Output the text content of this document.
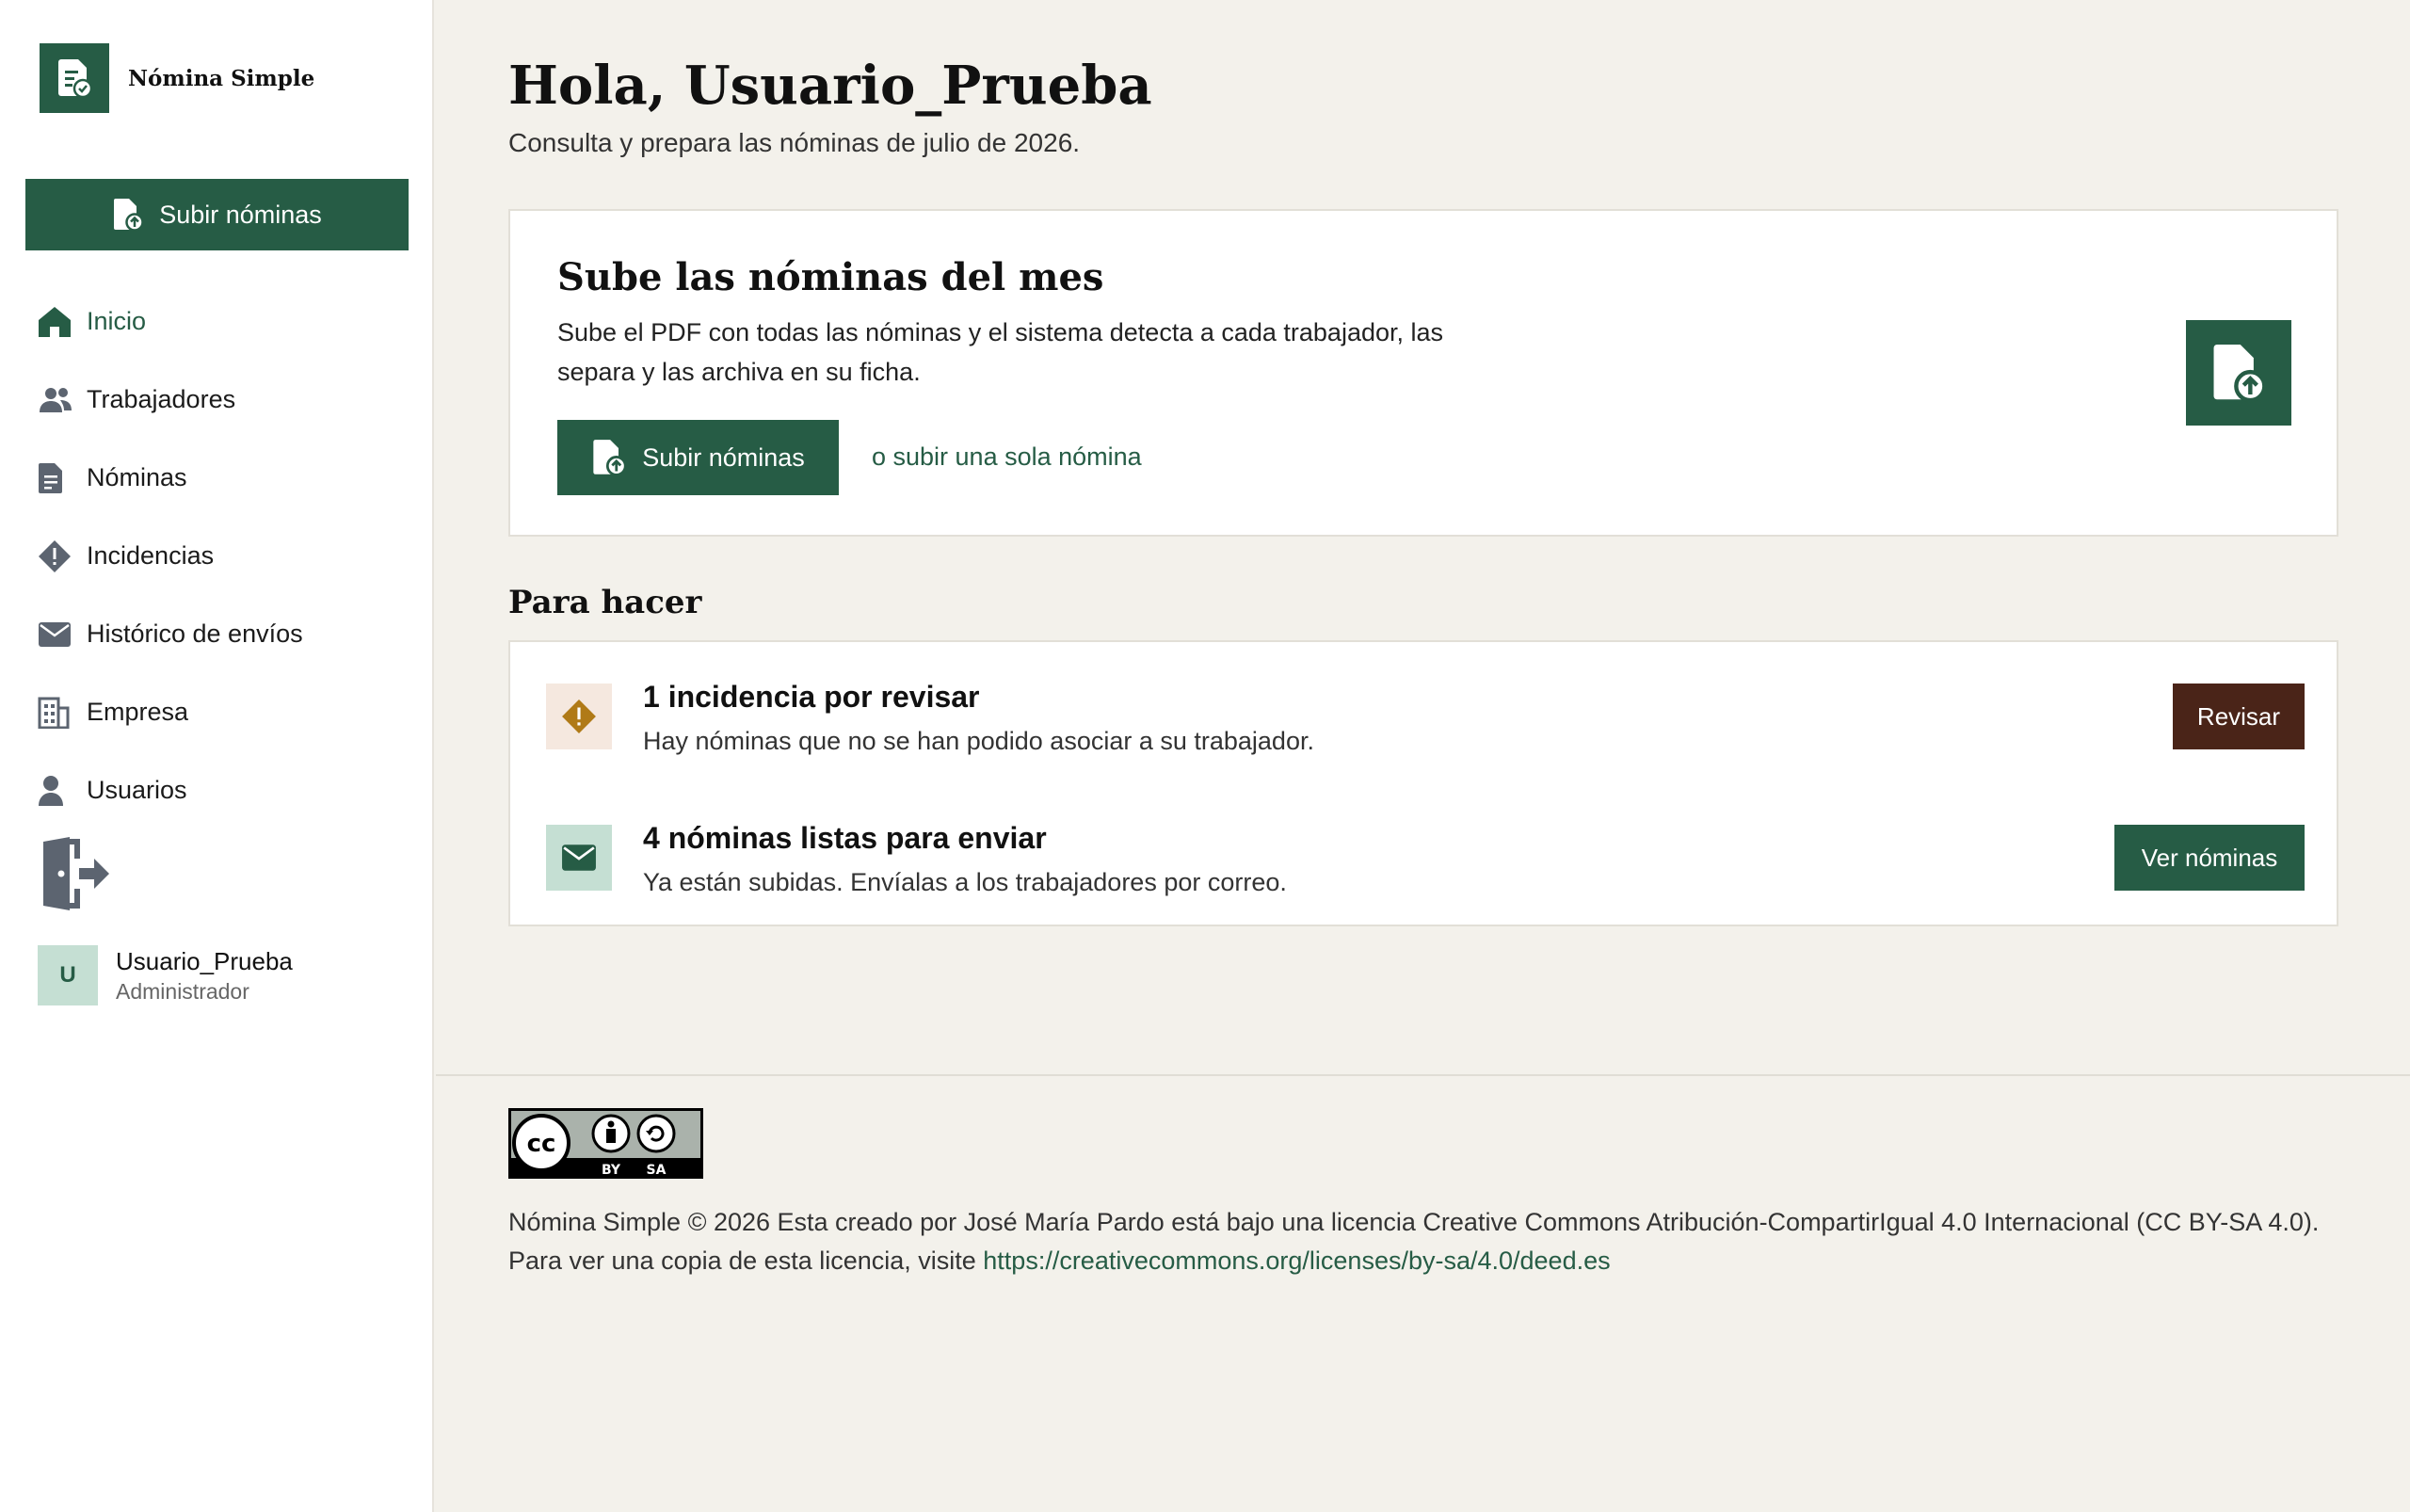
Nómina Simple
Subir nóminas
Inicio
Trabajadores
Nóminas
Incidencias
Histórico de envíos
Empresa
Usuarios
U	Usuario_Prueba
Administrador
Hola, Usuario_Prueba

Consulta y prepara las nóminas de julio de 2026.

Sube las nóminas del mes

Sube el PDF con todas las nóminas y el sistema detecta a cada trabajador, las separa y las archiva en su ficha.

Subir nóminas	o subir una sola nómina
Para hacer
1 incidencia por revisar
Hay nóminas que no se han podido asociar a su trabajador.
Revisar
4 nóminas listas para enviar
Ya están subidas. Envíalas a los trabajadores por correo.
Ver nóminas
cc
BY SA

Nómina Simple © 2026 Esta creado por José María Pardo está bajo una licencia Creative Commons Atribución-CompartirIgual 4.0 Internacional (CC BY-SA 4.0). Para ver una copia de esta licencia, visite https://creativecommons.org/licenses/by-sa/4.0/deed.es
